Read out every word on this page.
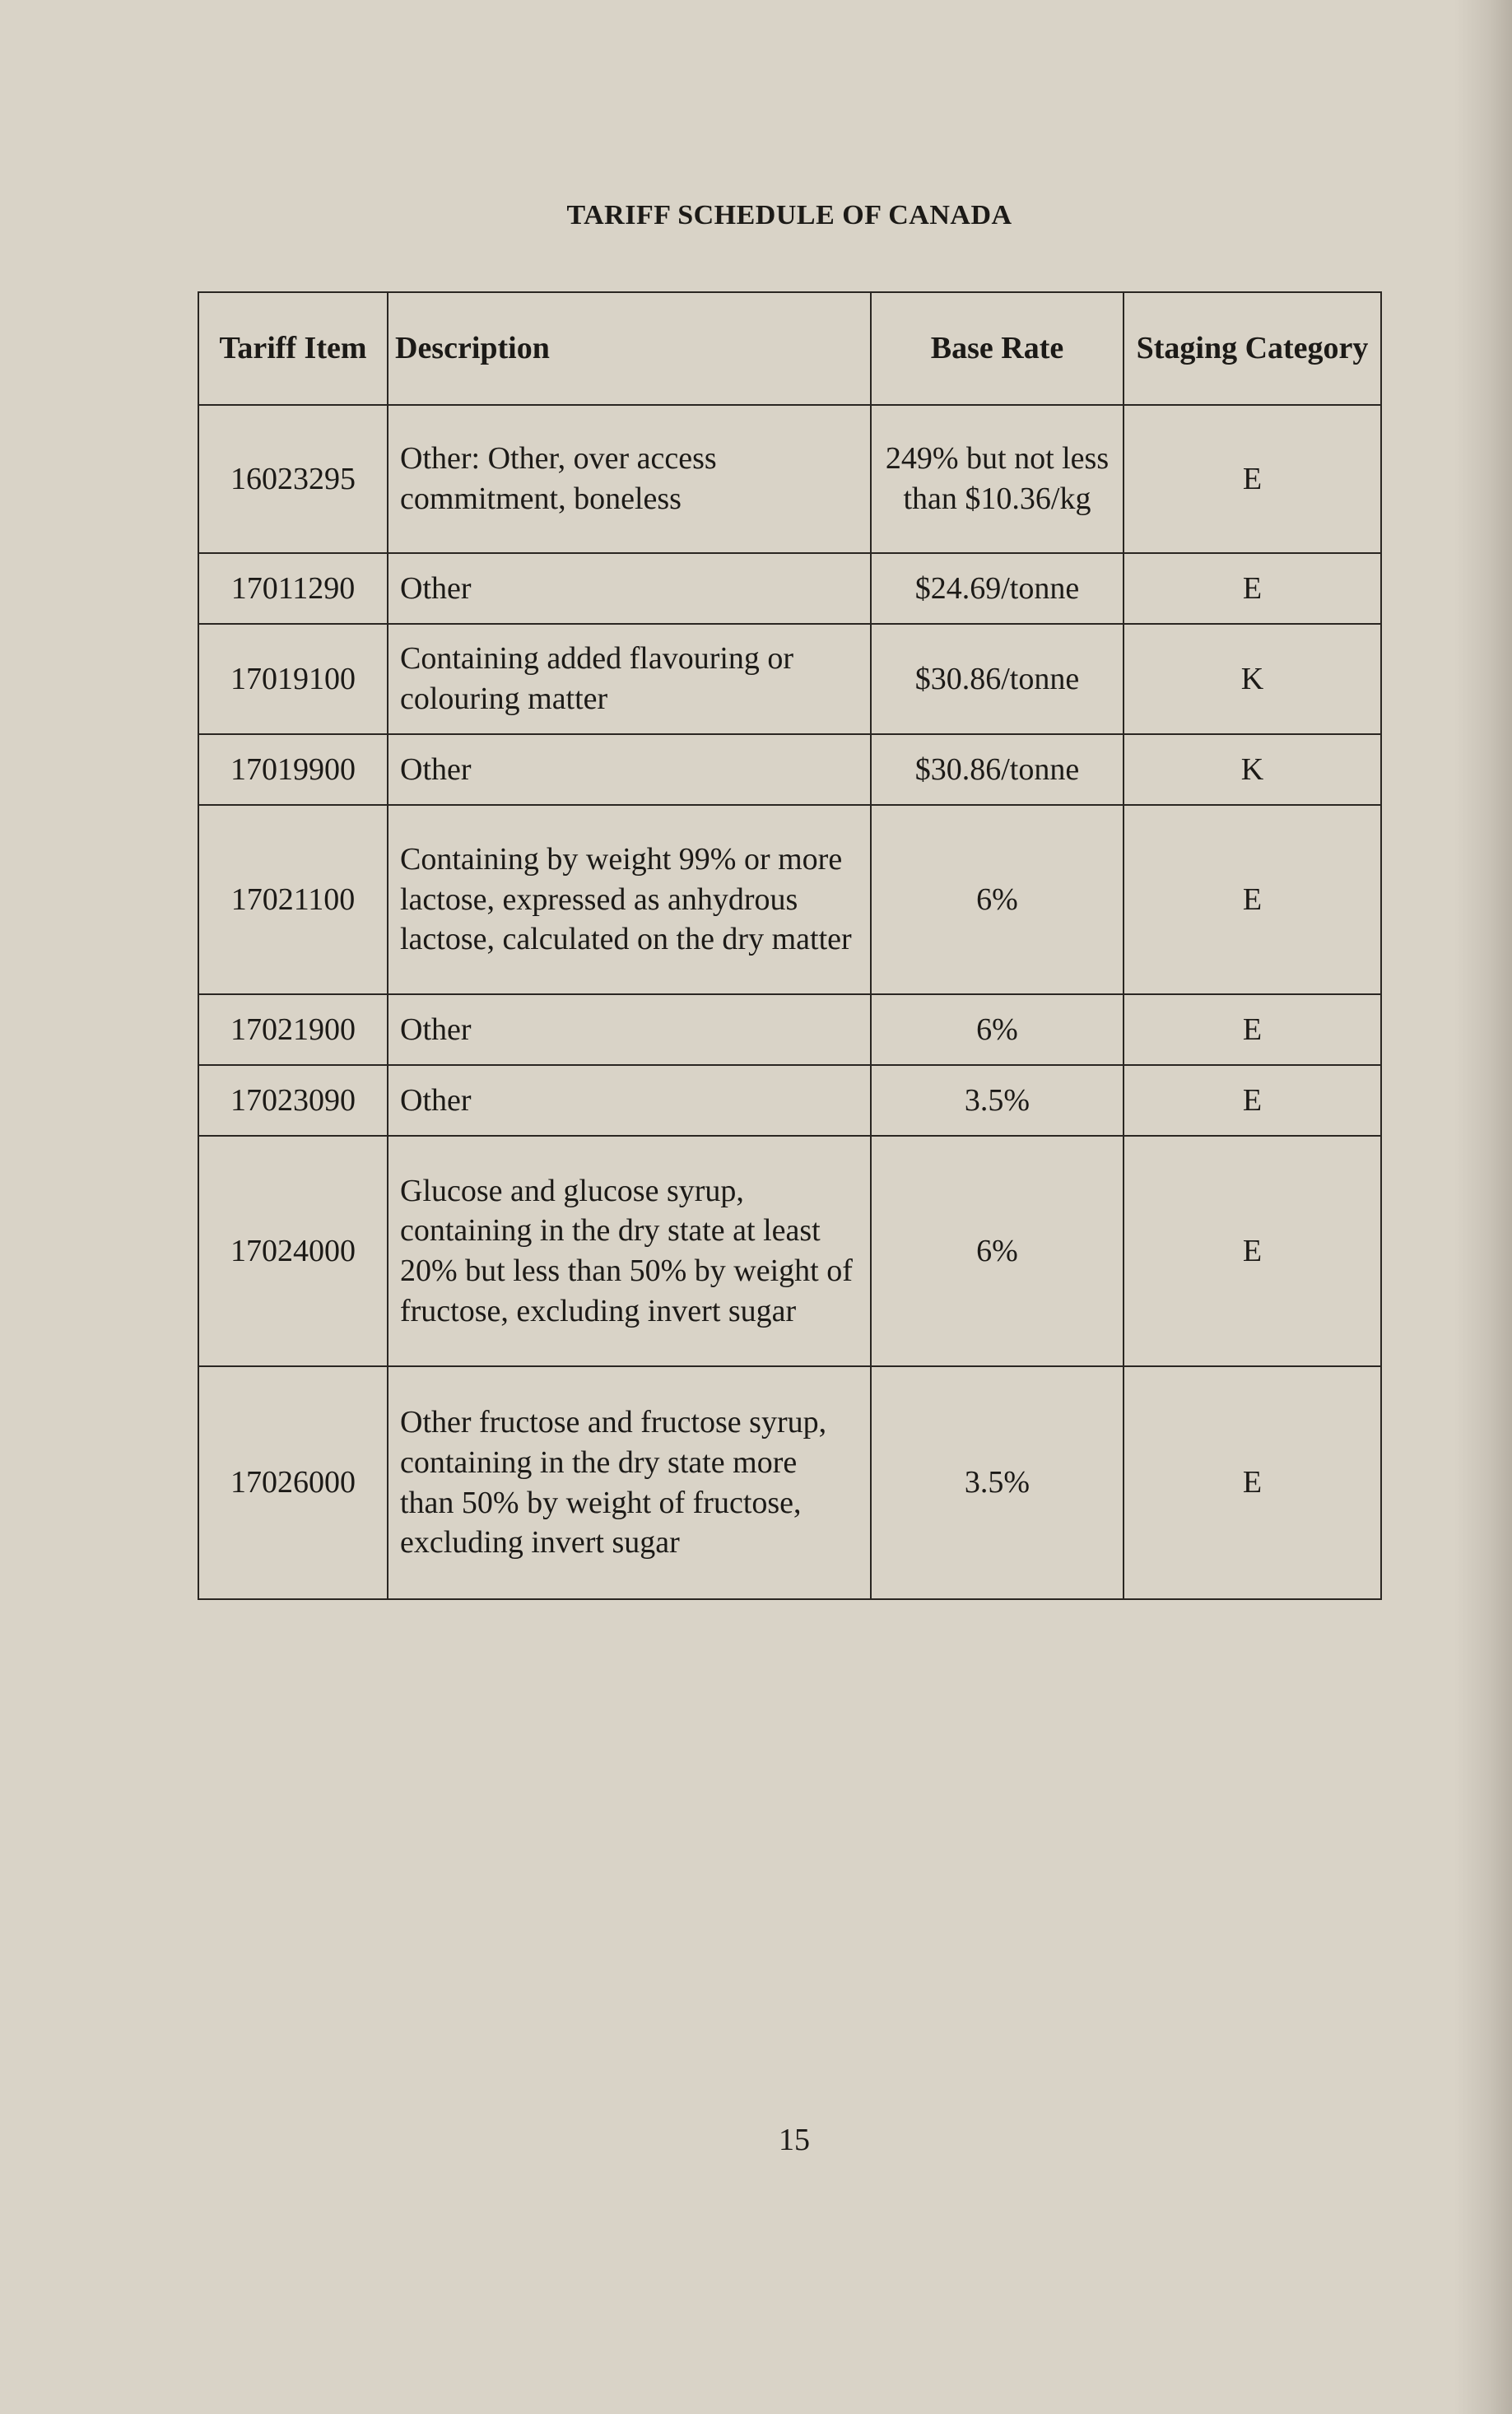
TARIFF SCHEDULE OF CANADA
Tariff Item	Description	Base Rate	Staging Category
16023295	Other: Other, over access commitment, boneless	249% but not less than $10.36/kg	E
17011290	Other	$24.69/tonne	E
17019100	Containing added flavouring or colouring matter	$30.86/tonne	K
17019900	Other	$30.86/tonne	K
17021100	Containing by weight 99% or more lactose, expressed as anhydrous lactose, calculated on the dry matter	6%	E
17021900	Other	6%	E
17023090	Other	3.5%	E
17024000	Glucose and glucose syrup, containing in the dry state at least 20% but less than 50% by weight of fructose, excluding invert sugar	6%	E
17026000	Other fructose and fructose syrup, containing in the dry state more than 50% by weight of fructose, excluding invert sugar	3.5%	E
15
